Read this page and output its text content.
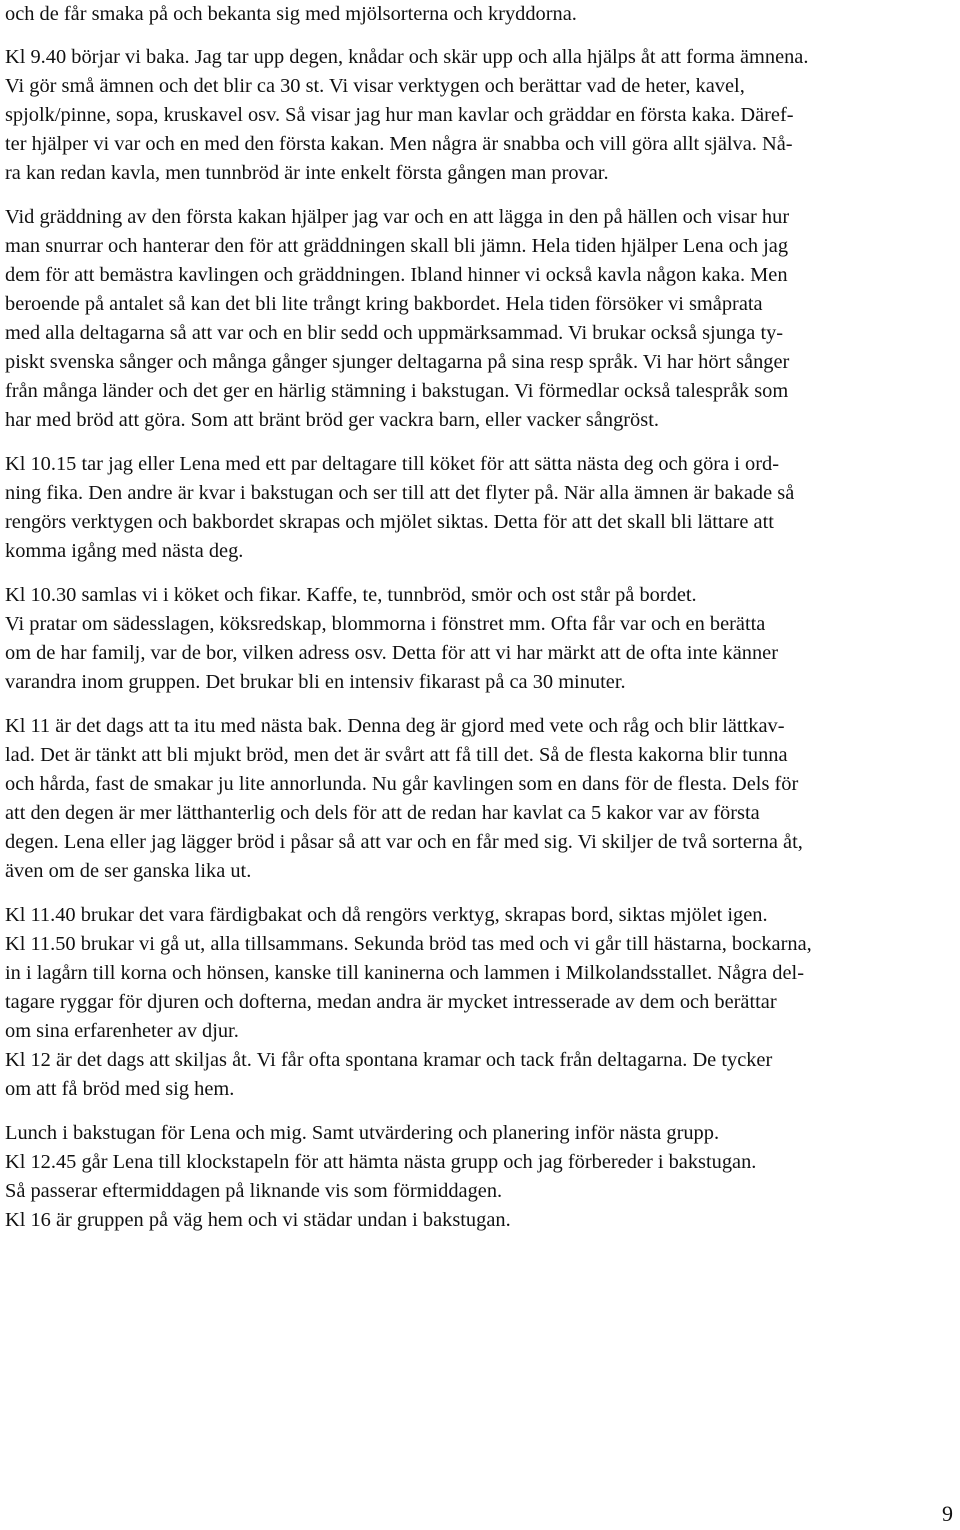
och de får smaka på och bekanta sig med mjölsorterna och kryddorna.

Kl 9.40 börjar vi baka. Jag tar upp degen, knådar och skär upp och alla hjälps åt att forma ämnena.
Vi gör små ämnen och det blir ca 30 st. Vi visar verktygen och berättar vad de heter, kavel,
spjolk/pinne, sopa, kruskavel osv. Så visar jag hur man kavlar och gräddar en första kaka. Däref-
ter hjälper vi var och en med den första kakan. Men några är snabba och vill göra allt själva. Nå-
ra kan redan kavla, men tunnbröd är inte enkelt första gången man provar.

Vid gräddning av den första kakan hjälper jag var och en att lägga in den på hällen och visar hur
man snurrar och hanterar den för att gräddningen skall bli jämn. Hela tiden hjälper Lena och jag
dem för att bemästra kavlingen och gräddningen. Ibland hinner vi också kavla någon kaka. Men
beroende på antalet så kan det bli lite trångt kring bakbordet. Hela tiden försöker vi småprata
med alla deltagarna så att var och en blir sedd och uppmärksammad. Vi brukar också sjunga ty-
piskt svenska sånger och många gånger sjunger deltagarna på sina resp språk. Vi har hört sånger
från många länder och det ger en härlig stämning i bakstugan. Vi förmedlar också talespråk som
har med bröd att göra. Som att bränt bröd ger vackra barn, eller vacker sångröst.

Kl 10.15 tar jag eller Lena med ett par deltagare till köket för att sätta nästa deg och göra i ord-
ning fika. Den andre är kvar i bakstugan och ser till att det flyter på. När alla ämnen är bakade så
rengörs verktygen och bakbordet skrapas och mjölet siktas. Detta för att det skall bli lättare att
komma igång med nästa deg.

Kl 10.30 samlas vi i köket och fikar. Kaffe, te, tunnbröd, smör och ost står på bordet.
Vi pratar om sädesslagen, köksredskap, blommorna i fönstret mm. Ofta får var och en berätta
om de har familj, var de bor, vilken adress osv. Detta för att vi har märkt att de ofta inte känner
varandra inom gruppen. Det brukar bli en intensiv fikarast på ca 30 minuter.

Kl 11 är det dags att ta itu med nästa bak. Denna deg är gjord med vete och råg och blir lättkav-
lad. Det är tänkt att bli mjukt bröd, men det är svårt att få till det. Så de flesta kakorna blir tunna
och hårda, fast de smakar ju lite annorlunda. Nu går kavlingen som en dans för de flesta. Dels för
att den degen är mer lätthanterlig och dels för att de redan har kavlat ca 5 kakor var av första
degen. Lena eller jag lägger bröd i påsar så att var och en får med sig. Vi skiljer de två sorterna åt,
även om de ser ganska lika ut.

Kl 11.40 brukar det vara färdigbakat och då rengörs verktyg, skrapas bord, siktas mjölet igen.
Kl 11.50 brukar vi gå ut, alla tillsammans. Sekunda bröd tas med och vi går till hästarna, bockarna,
in i lagårn till korna och hönsen, kanske till kaninerna och lammen i Milkolandsstallet. Några del-
tagare ryggar för djuren och dofterna, medan andra är mycket intresserade av dem och berättar
om sina erfarenheter av djur.
Kl 12 är det dags att skiljas åt. Vi får ofta spontana kramar och tack från deltagarna. De tycker
om att få bröd med sig hem.

Lunch i bakstugan för Lena och mig. Samt utvärdering och planering inför nästa grupp.
Kl 12.45 går Lena till klockstapeln för att hämta nästa grupp och jag förbereder i bakstugan.
Så passerar eftermiddagen på liknande vis som förmiddagen.
Kl 16 är gruppen på väg hem och vi städar undan i bakstugan.

9
